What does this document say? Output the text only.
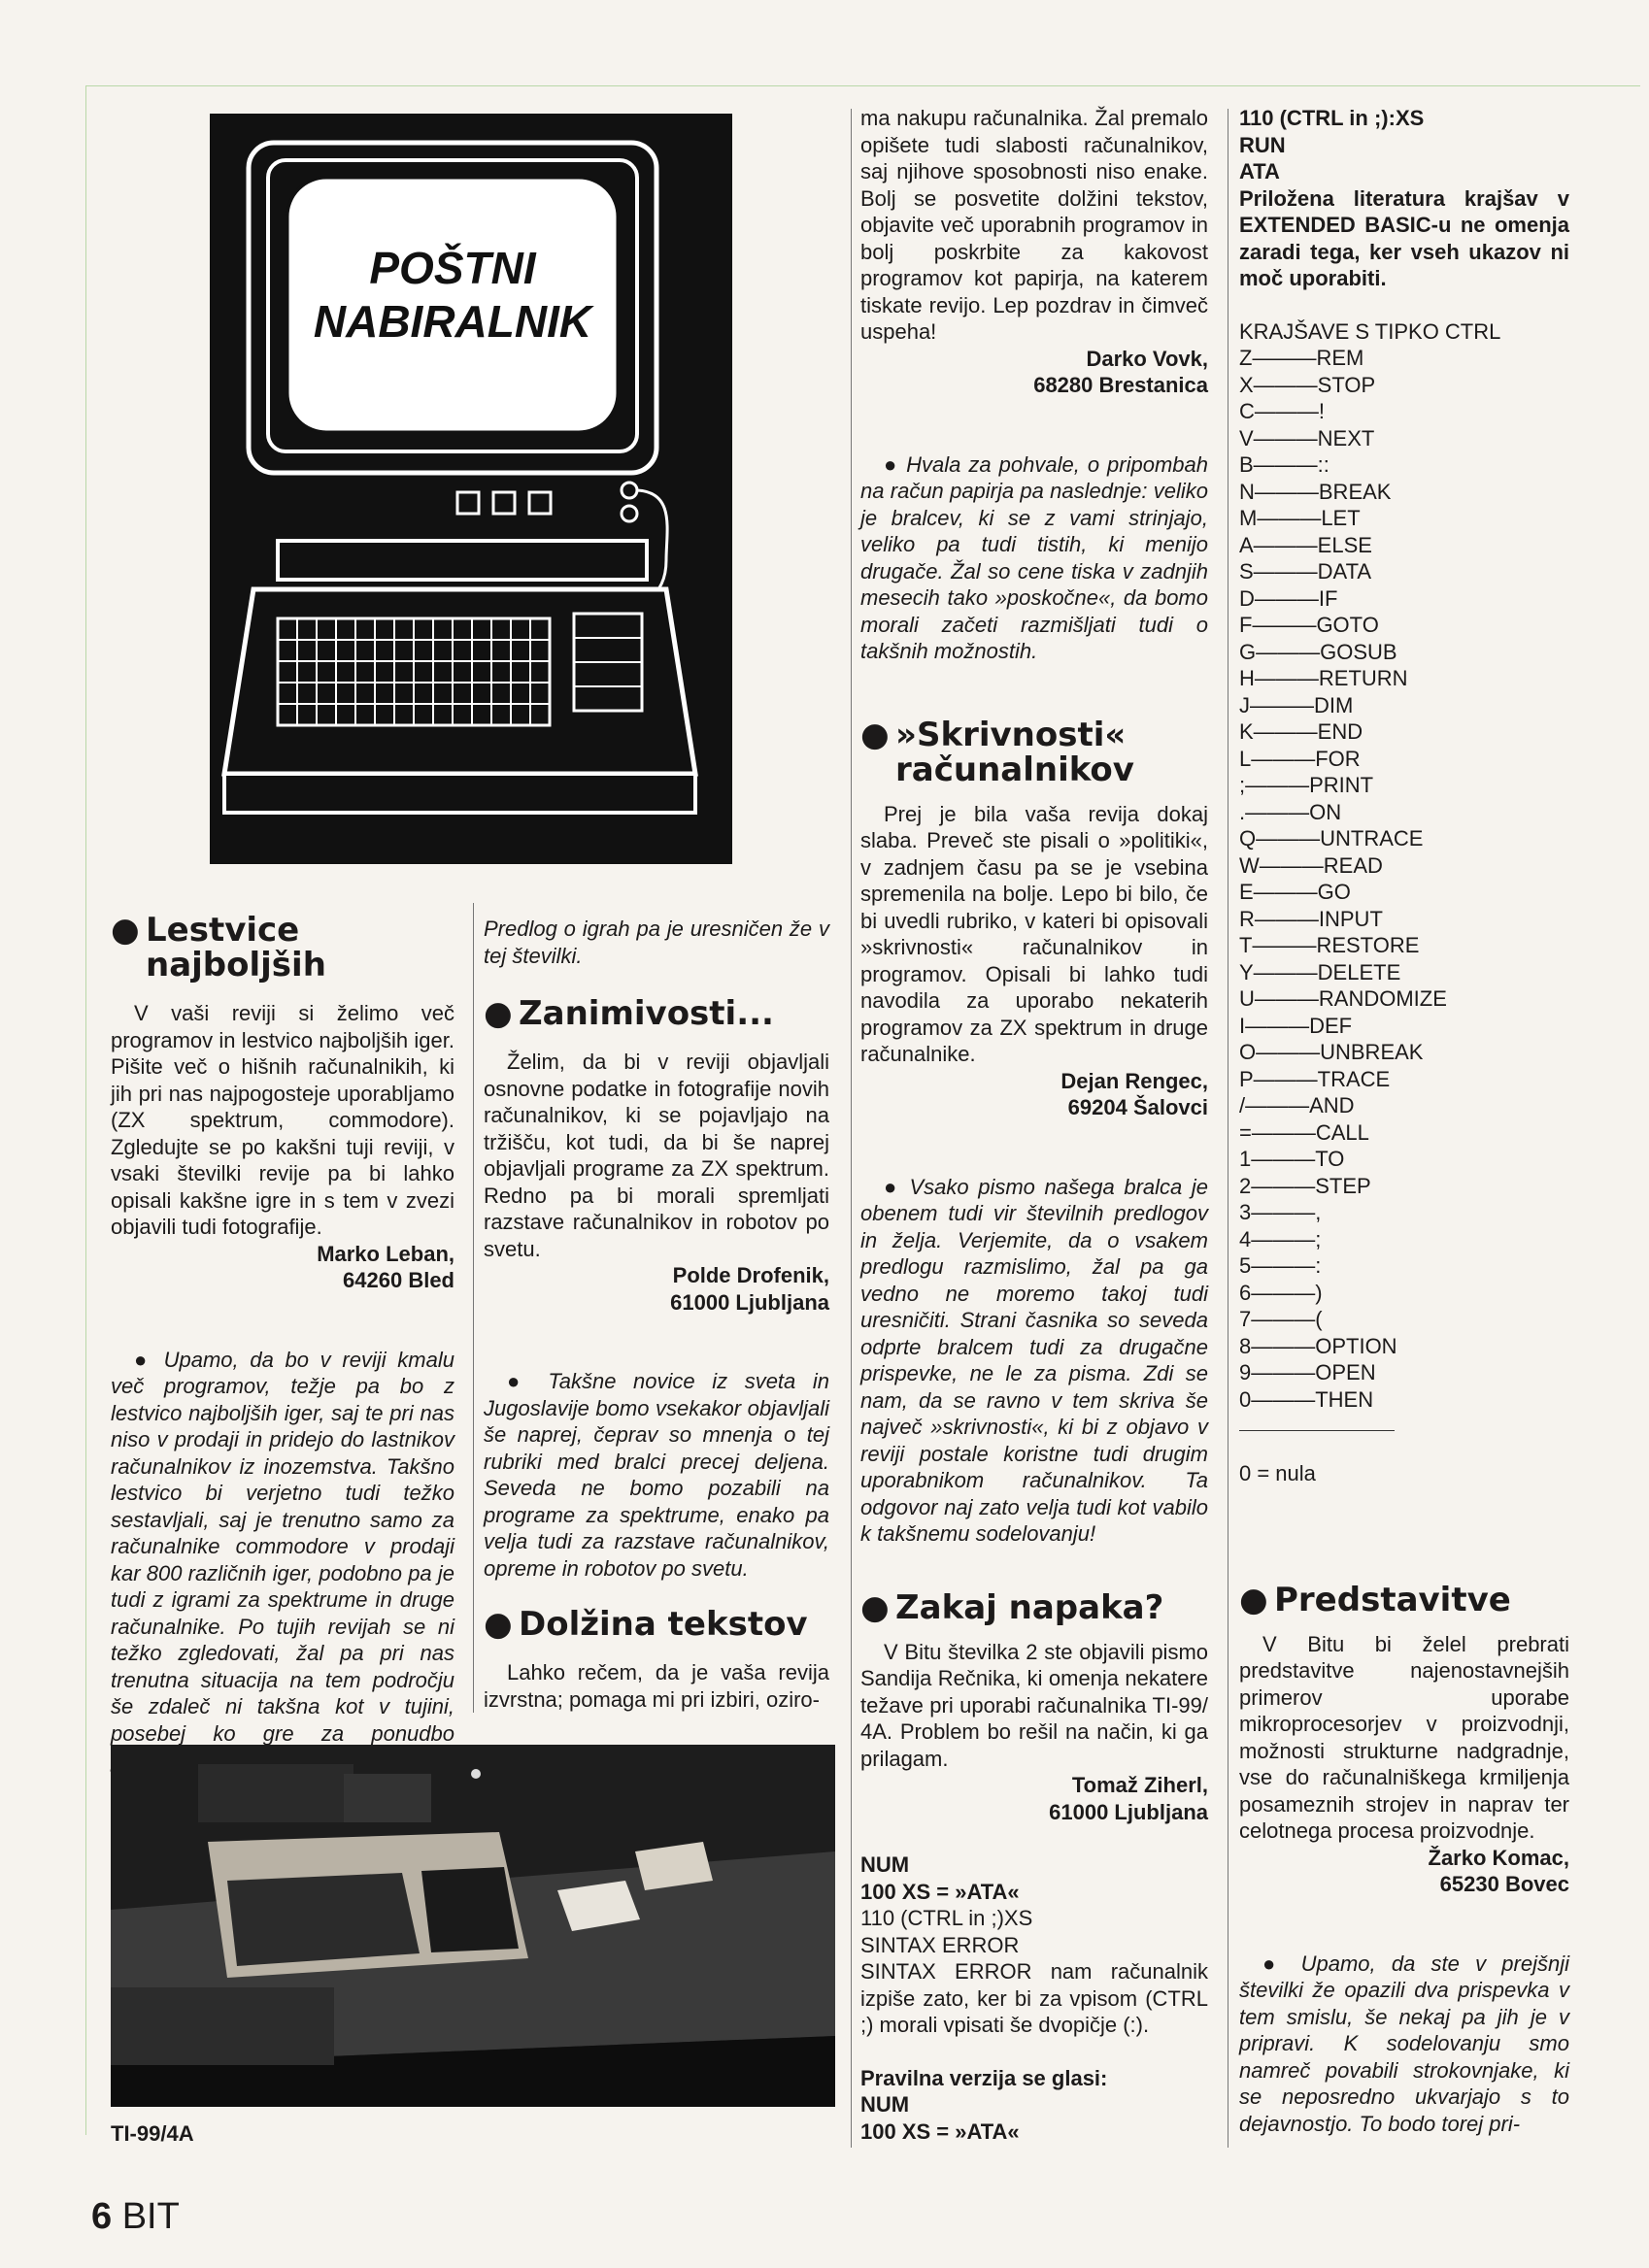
POŠTNI
NABIRALNIK
● Lestvice
najboljših

V vaši reviji si želimo več programov in lestvico najboljših iger. Pišite več o hišnih računalnikih, ki jih pri nas najpogosteje uporabljamo (ZX spektrum, commodore). Zgledujte se po kakšni tuji reviji, v vsaki številki revije pa bi lahko opisali kakšne igre in s tem v zvezi objavili tudi fotografije.

Marko Leban,
64260 Bled

● Upamo, da bo v reviji kmalu več programov, težje pa bo z lestvico najboljših iger, saj te pri nas niso v prodaji in pridejo do lastnikov računalnikov iz inozemstva. Takšno lestvico bi verjetno tudi težko sestavljali, saj je trenutno samo za računalnike commodore v prodaji kar 800 različnih iger, podobno pa je tudi z igrami za spektrume in druge računalnike. Po tujih revijah se ni težko zgledovati, žal pa pri nas trenutna situacija na tem področju še zdaleč ni takšna kot v tujini, posebej ko gre za ponudbo

TI-99/4A

Predlog o igrah pa je uresničen že v tej številki.

● Zanimivosti...

Želim, da bi v reviji objavljali osnovne podatke in fotografije novih računalnikov, ki se pojavljajo na tržišču, kot tudi, da bi še naprej objavljali programe za ZX spektrum. Redno pa bi morali spremljati razstave računalnikov in robotov po svetu.

Polde Drofenik,
61000 Ljubljana

● Takšne novice iz sveta in Jugoslavije bomo vsekakor objavljali še naprej, čeprav so mnenja o tej rubriki med bralci precej deljena. Seveda ne bomo pozabili na programe za spektrume, enako pa velja tudi za razstave računalnikov, opreme in robotov po svetu.

● Dolžina tekstov

Lahko rečem, da je vaša revija izvrstna; pomaga mi pri izbiri, oziro-

ma nakupu računalnika. Žal premalo opišete tudi slabosti računalnikov, saj njihove sposobnosti niso enake. Bolj se posvetite dolžini tekstov, objavite več uporabnih programov in bolj poskrbite za kakovost programov kot papirja, na katerem tiskate revijo. Lep pozdrav in čimveč uspeha!

Darko Vovk,
68280 Brestanica

● Hvala za pohvale, o pripombah na račun papirja pa naslednje: veliko je bralcev, ki se z vami strinjajo, veliko pa tudi tistih, ki menijo drugače. Žal so cene tiska v zadnjih mesecih tako »poskočne«, da bomo morali začeti razmišljati tudi o takšnih možnostih.

● »Skrivnosti«
računalnikov

Prej je bila vaša revija dokaj slaba. Preveč ste pisali o »politiki«, v zadnjem času pa se je vsebina spremenila na bolje. Lepo bi bilo, če bi uvedli rubriko, v kateri bi opisovali »skrivnosti« računalnikov in programov. Opisali bi lahko tudi navodila za uporabo nekaterih programov za ZX spektrum in druge računalnike.

Dejan Rengec,
69204 Šalovci

● Vsako pismo našega bralca je obenem tudi vir številnih predlogov in želja. Verjemite, da o vsakem predlogu razmislimo, žal pa ga vedno ne moremo takoj tudi uresničiti. Strani časnika so seveda odprte bralcem tudi za drugačne prispevke, ne le za pisma. Zdi se nam, da se ravno v tem skriva še največ »skrivnosti«, ki bi z objavo v reviji postale koristne tudi drugim uporabnikom računalnikov. Ta odgovor naj zato velja tudi kot vabilo k takšnemu sodelovanju!

● Zakaj napaka?

V Bitu številka 2 ste objavili pismo Sandija Rečnika, ki omenja nekatere težave pri uporabi računalnika TI-99/ 4A. Problem bo rešil na način, ki ga prilagam.

Tomaž Ziherl,
61000 Ljubljana
NUM
100 XS = »ATA«
110 (CTRL in ;)XS
SINTAX ERROR

SINTAX ERROR nam računalnik izpiše zato, ker bi za vpisom (CTRL ;) morali vpisati še dvopičje (:).

Pravilna verzija se glasi:
NUM
100 XS = »ATA«
110 (CTRL in ;):XS
RUN
ATA

Priložena literatura krajšav v EXTENDED BASIC-u ne omenja zaradi tega, ker vseh ukazov ni moč uporabiti.

KRAJŠAVE S TIPKO CTRL
Z———REM
X———STOP
C———!
V———NEXT
B———::
N———BREAK
M———LET
A———ELSE
S———DATA
D———IF
F———GOTO
G———GOSUB
H———RETURN
J———DIM
K———END
L———FOR
;———PRINT
.———ON
Q———UNTRACE
W———READ
E———GO
R———INPUT
T———RESTORE
Y———DELETE
U———RANDOMIZE
I———DEF
O———UNBREAK
P———TRACE
/———AND
=———CALL
1———TO
2———STEP
3———,
4———;
5———:
6———)
7———(
8———OPTION
9———OPEN
0———THEN
0 = nula
● Predstavitve

V Bitu bi želel prebrati predstavitve najenostavnejših primerov uporabe mikroprocesorjev v proizvodnji, možnosti strukturne nadgradnje, vse do računalniškega krmiljenja posameznih strojev in naprav ter celotnega procesa proizvodnje.

Žarko Komac,
65230 Bovec

● Upamo, da ste v prejšnji številki že opazili dva prispevka v tem smislu, še nekaj pa jih je v pripravi. K sodelovanju smo namreč povabili strokovnjake, ki se neposredno ukvarjajo s to dejavnostjo. To bodo torej pri-

6 BIT
